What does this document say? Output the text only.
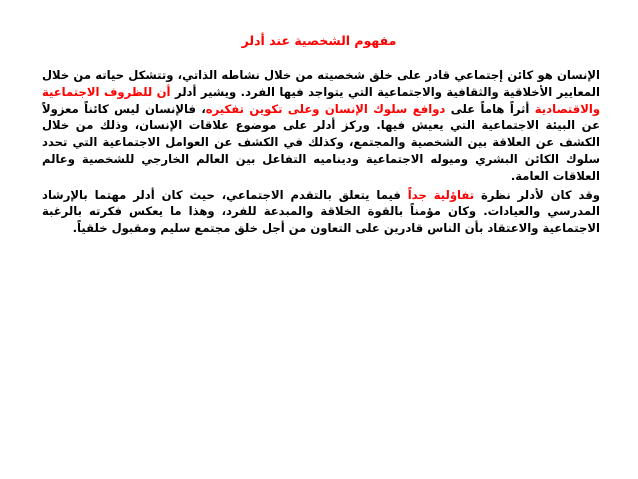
مفهوم الشخصية عند أدلر

الإنسان هو كائن إجتماعي قادر على خلق شخصيته من خلال نشاطه الذاتي، وتتشكل حياته من خلال المعايير الأخلاقية والثقافية والاجتماعية التي يتواجد فيها الفرد. ويشير أدلر أن للظروف الاجتماعية والاقتصادية أثراً هاماً على دوافع سلوك الإنسان وعلى تكوين تفكيره، فالإنسان ليس كائناً معزولاً عن البيئة الاجتماعية التي يعيش فيها. وركز أدلر على موضوع علاقات الإنسان، وذلك من خلال الكشف عن العلاقة بين الشخصية والمجتمع، وكذلك في الكشف عن العوامل الاجتماعية التي تحدد سلوك الكائن البشري وميوله الاجتماعية وديناميه التفاعل بين العالم الخارجي للشخصية وعالم العلاقات العامة.

وقد كان لأدلر نظرة تفاؤلية جداً فيما يتعلق بالتقدم الاجتماعي، حيث كان أدلر مهتما بالإرشاد المدرسي والعيادات. وكان مؤمناً بالقوة الخلاقة والمبدعة للفرد، وهذا ما يعكس فكرته بالرغبة الاجتماعية والاعتقاد بأن الناس قادرين على التعاون من أجل خلق مجتمع سليم ومقبول خلقياً.
